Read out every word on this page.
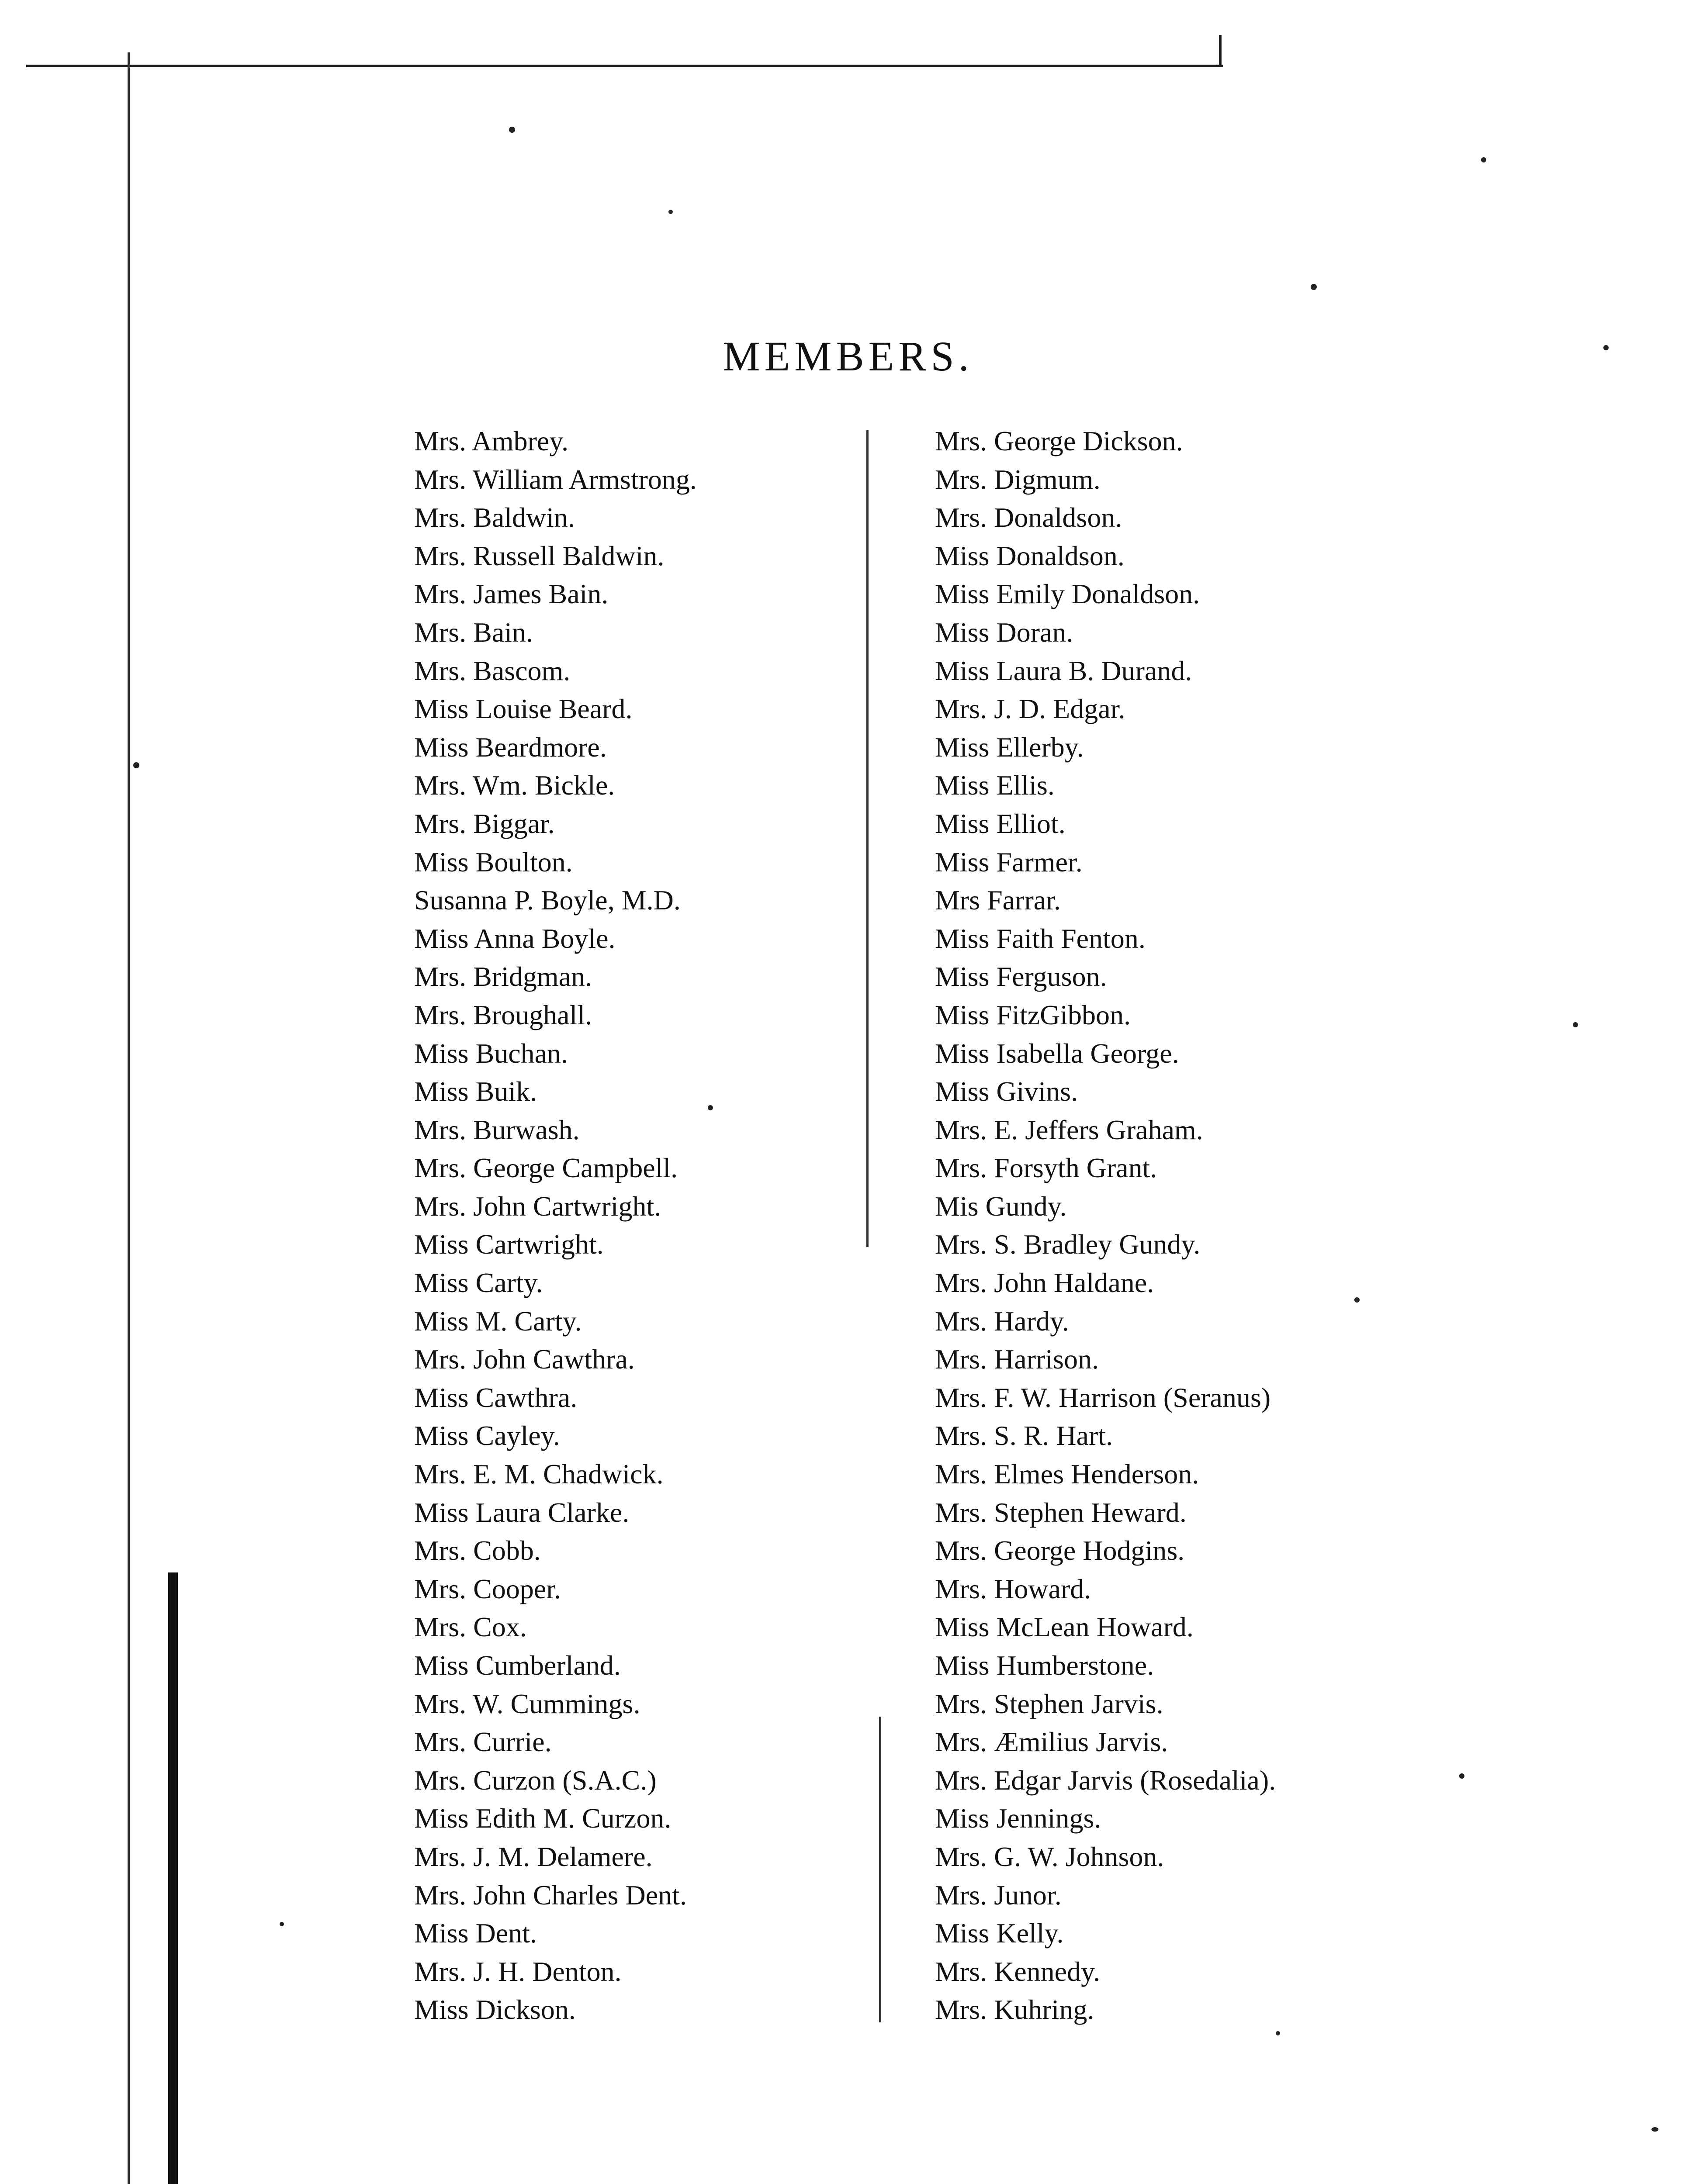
MEMBERS.
Mrs. Ambrey.
Mrs. William Armstrong.
Mrs. Baldwin.
Mrs. Russell Baldwin.
Mrs. James Bain.
Mrs. Bain.
Mrs. Bascom.
Miss Louise Beard.
Miss Beardmore.
Mrs. Wm. Bickle.
Mrs. Biggar.
Miss Boulton.
Susanna P. Boyle, M.D.
Miss Anna Boyle.
Mrs. Bridgman.
Mrs. Broughall.
Miss Buchan.
Miss Buik.
Mrs. Burwash.
Mrs. George Campbell.
Mrs. John Cartwright.
Miss Cartwright.
Miss Carty.
Miss M. Carty.
Mrs. John Cawthra.
Miss Cawthra.
Miss Cayley.
Mrs. E. M. Chadwick.
Miss Laura Clarke.
Mrs. Cobb.
Mrs. Cooper.
Mrs. Cox.
Miss Cumberland.
Mrs. W. Cummings.
Mrs. Currie.
Mrs. Curzon (S.A.C.)
Miss Edith M. Curzon.
Mrs. J. M. Delamere.
Mrs. John Charles Dent.
Miss Dent.
Mrs. J. H. Denton.
Miss Dickson.
Mrs. George Dickson.
Mrs. Digmum.
Mrs. Donaldson.
Miss Donaldson.
Miss Emily Donaldson.
Miss Doran.
Miss Laura B. Durand.
Mrs. J. D. Edgar.
Miss Ellerby.
Miss Ellis.
Miss Elliot.
Miss Farmer.
Mrs Farrar.
Miss Faith Fenton.
Miss Ferguson.
Miss FitzGibbon.
Miss Isabella George.
Miss Givins.
Mrs. E. Jeffers Graham.
Mrs. Forsyth Grant.
Mis Gundy.
Mrs. S. Bradley Gundy.
Mrs. John Haldane.
Mrs. Hardy.
Mrs. Harrison.
Mrs. F. W. Harrison (Seranus)
Mrs. S. R. Hart.
Mrs. Elmes Henderson.
Mrs. Stephen Heward.
Mrs. George Hodgins.
Mrs. Howard.
Miss McLean Howard.
Miss Humberstone.
Mrs. Stephen Jarvis.
Mrs. Æmilius Jarvis.
Mrs. Edgar Jarvis (Rosedalia).
Miss Jennings.
Mrs. G. W. Johnson.
Mrs. Junor.
Miss Kelly.
Mrs. Kennedy.
Mrs. Kuhring.
